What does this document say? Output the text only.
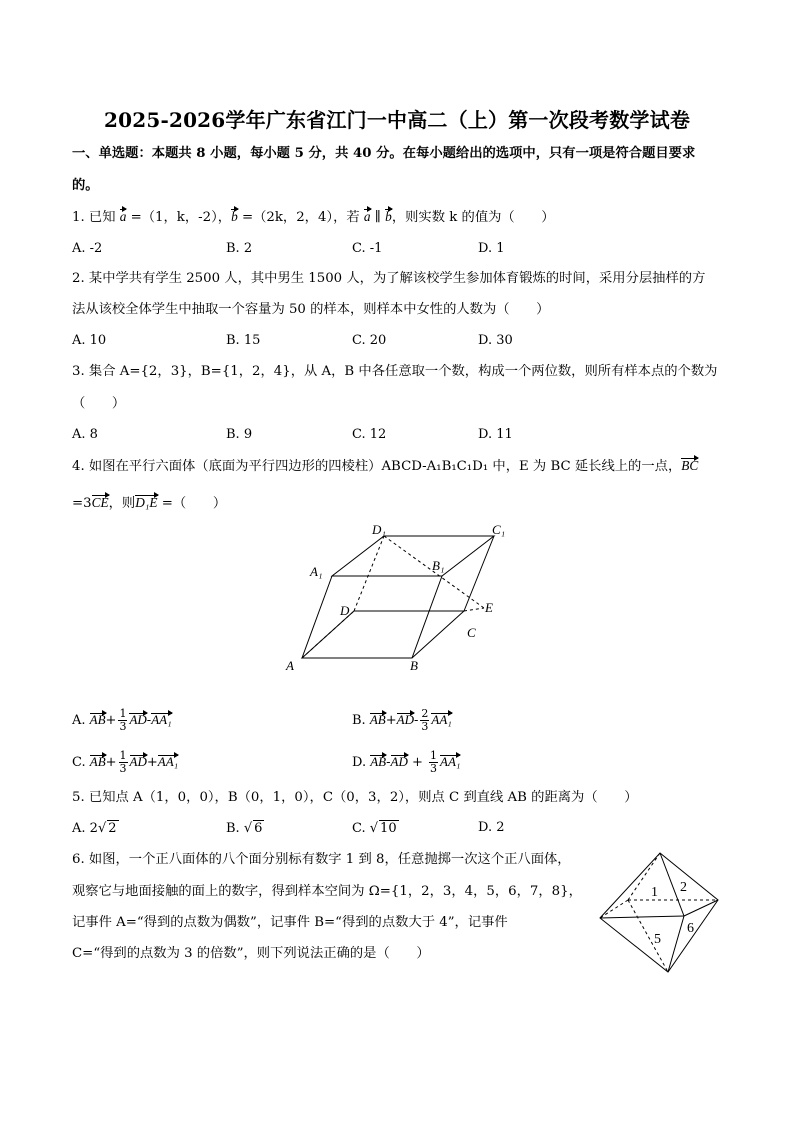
2025-2026学年广东省江门一中高二（上）第一次段考数学试卷
一、单选题：本题共 8 小题，每小题 5 分，共 40 分。在每小题给出的选项中，只有一项是符合题目要求
的。
1. 已知 a =（1，k，-2），b =（2k，2，4），若 a ∥ b，则实数 k 的值为（　　）
A. -2	B. 2	C. -1	D. 1
2. 某中学共有学生 2500 人，其中男生 1500 人，为了解该校学生参加体育锻炼的时间，采用分层抽样的方
法从该校全体学生中抽取一个容量为 50 的样本，则样本中女性的人数为（　　）
A. 10	B. 15	C. 20	D. 30
3. 集合 A={2，3}，B={1，2，4}，从 A，B 中各任意取一个数，构成一个两位数，则所有样本点的个数为
（　　）
A. 8	B. 9	C. 12	D. 11
4. 如图在平行六面体（底面为平行四边形的四棱柱）ABCD-A₁B₁C₁D₁ 中，E 为 BC 延长线上的一点，BC
=3CE，则D₁E =（　　）
D₁	C₁
A₁	B₁
D	E
C
A	B
A. $AB+ \frac{1}{3} AD-AA_1$	B. $AB+AD- \frac{2}{3} AA_1$
C. $AB+ \frac{1}{3} AD+AA_1$	D. $AB-AD + \frac{1}{3} AA_1$
5. 已知点 A（1，0，0），B（0，1，0），C（0，3，2），则点 C 到直线 AB 的距离为（　　）
A. 2√ 2	B. √ 6	C. √ 10	D. 2
6. 如图，一个正八面体的八个面分别标有数字 1 到 8，任意抛掷一次这个正八面体，
观察它与地面接触的面上的数字，得到样本空间为 Ω={1，2，3，4，5，6，7，8}，
记事件 A=“得到的点数为偶数”，记事件 B=“得到的点数大于 4”，记事件
C=“得到的点数为 3 的倍数”，则下列说法正确的是（　　）
1 2
5
6
